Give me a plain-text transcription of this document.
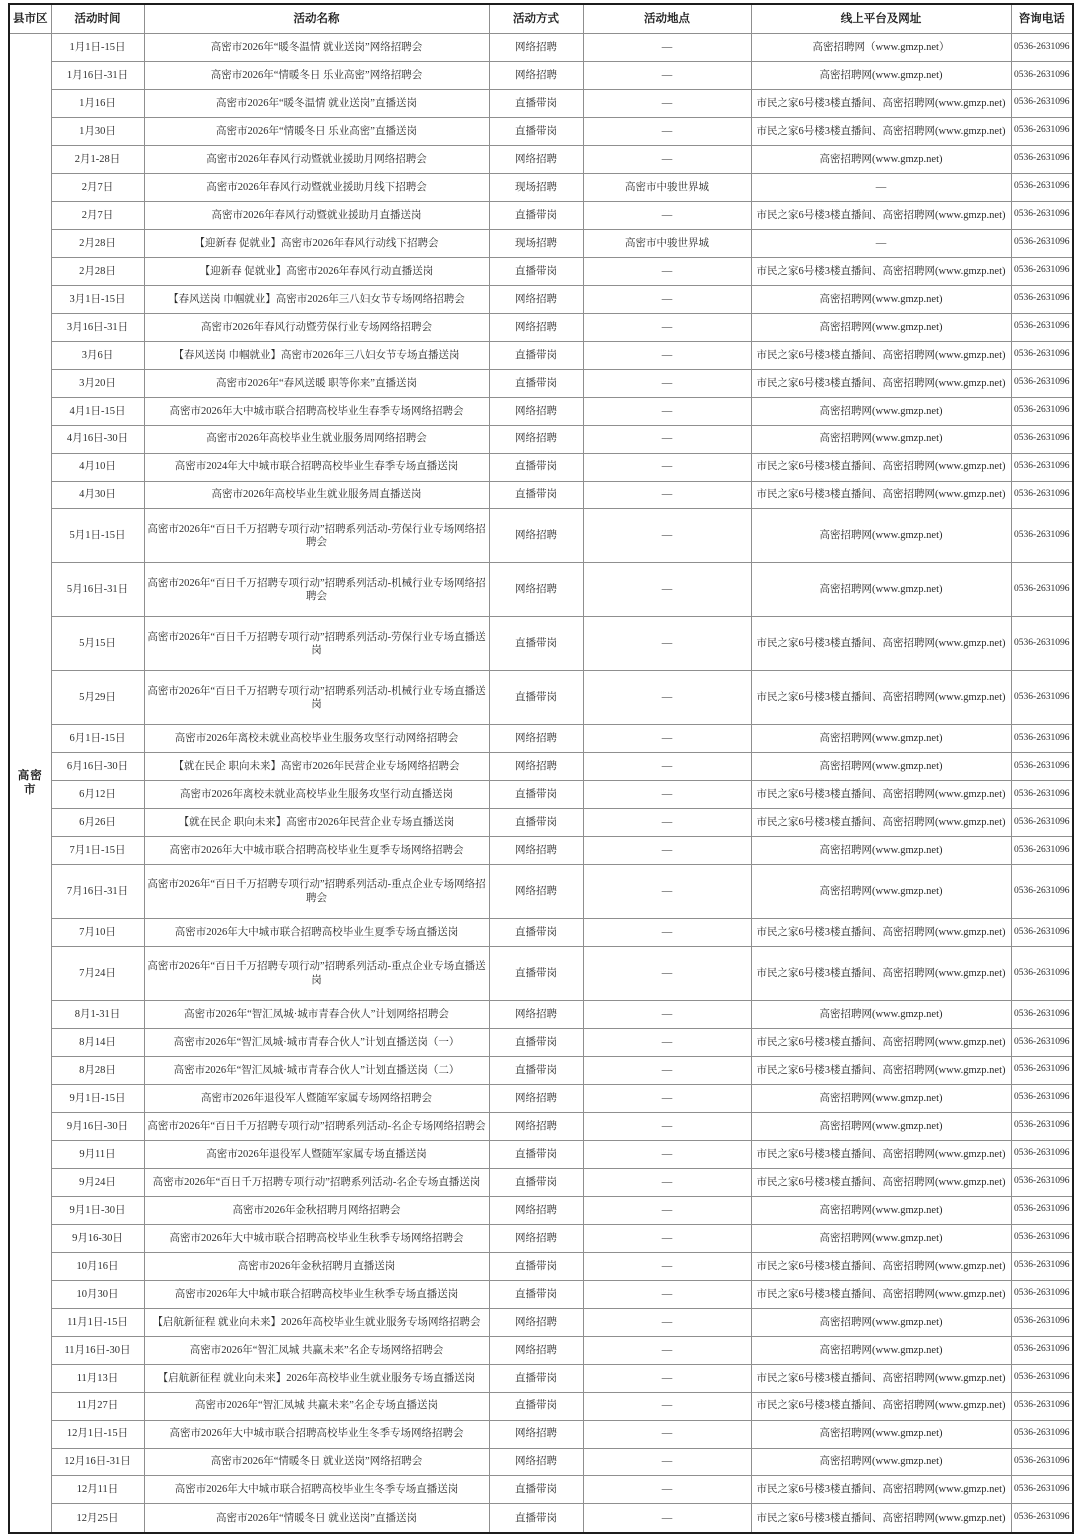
县市区	活动时间	活动名称	活动方式	活动地点	线上平台及网址	咨询电话
高密市	1月1日-15日	高密市2026年“暖冬温情 就业送岗”网络招聘会	网络招聘	—	高密招聘网（www.gmzp.net）	0536-2631096
	1月16日-31日	高密市2026年“情暖冬日 乐业高密”网络招聘会	网络招聘	—	高密招聘网(www.gmzp.net)	0536-2631096
	1月16日	高密市2026年“暖冬温情 就业送岗”直播送岗	直播带岗	—	市民之家6号楼3楼直播间、高密招聘网(www.gmzp.net)	0536-2631096
	1月30日	高密市2026年“情暖冬日 乐业高密”直播送岗	直播带岗	—	市民之家6号楼3楼直播间、高密招聘网(www.gmzp.net)	0536-2631096
	2月1-28日	高密市2026年春风行动暨就业援助月网络招聘会	网络招聘	—	高密招聘网(www.gmzp.net)	0536-2631096
	2月7日	高密市2026年春风行动暨就业援助月线下招聘会	现场招聘	高密市中骏世界城	—	0536-2631096
	2月7日	高密市2026年春风行动暨就业援助月直播送岗	直播带岗	—	市民之家6号楼3楼直播间、高密招聘网(www.gmzp.net)	0536-2631096
	2月28日	【迎新春 促就业】高密市2026年春风行动线下招聘会	现场招聘	高密市中骏世界城	—	0536-2631096
	2月28日	【迎新春 促就业】高密市2026年春风行动直播送岗	直播带岗	—	市民之家6号楼3楼直播间、高密招聘网(www.gmzp.net)	0536-2631096
	3月1日-15日	【春风送岗 巾帼就业】高密市2026年三八妇女节专场网络招聘会	网络招聘	—	高密招聘网(www.gmzp.net)	0536-2631096
	3月16日-31日	高密市2026年春风行动暨劳保行业专场网络招聘会	网络招聘	—	高密招聘网(www.gmzp.net)	0536-2631096
	3月6日	【春风送岗 巾帼就业】高密市2026年三八妇女节专场直播送岗	直播带岗	—	市民之家6号楼3楼直播间、高密招聘网(www.gmzp.net)	0536-2631096
	3月20日	高密市2026年“春风送暖 职等你来”直播送岗	直播带岗	—	市民之家6号楼3楼直播间、高密招聘网(www.gmzp.net)	0536-2631096
	4月1日-15日	高密市2026年大中城市联合招聘高校毕业生春季专场网络招聘会	网络招聘	—	高密招聘网(www.gmzp.net)	0536-2631096
	4月16日-30日	高密市2026年高校毕业生就业服务周网络招聘会	网络招聘	—	高密招聘网(www.gmzp.net)	0536-2631096
	4月10日	高密市2024年大中城市联合招聘高校毕业生春季专场直播送岗	直播带岗	—	市民之家6号楼3楼直播间、高密招聘网(www.gmzp.net)	0536-2631096
	4月30日	高密市2026年高校毕业生就业服务周直播送岗	直播带岗	—	市民之家6号楼3楼直播间、高密招聘网(www.gmzp.net)	0536-2631096
	5月1日-15日	高密市2026年“百日千万招聘专项行动”招聘系列活动-劳保行业专场网络招聘会	网络招聘	—	高密招聘网(www.gmzp.net)	0536-2631096
	5月16日-31日	高密市2026年“百日千万招聘专项行动”招聘系列活动-机械行业专场网络招聘会	网络招聘	—	高密招聘网(www.gmzp.net)	0536-2631096
	5月15日	高密市2026年“百日千万招聘专项行动”招聘系列活动-劳保行业专场直播送岗	直播带岗	—	市民之家6号楼3楼直播间、高密招聘网(www.gmzp.net)	0536-2631096
	5月29日	高密市2026年“百日千万招聘专项行动”招聘系列活动-机械行业专场直播送岗	直播带岗	—	市民之家6号楼3楼直播间、高密招聘网(www.gmzp.net)	0536-2631096
	6月1日-15日	高密市2026年离校未就业高校毕业生服务攻坚行动网络招聘会	网络招聘	—	高密招聘网(www.gmzp.net)	0536-2631096
	6月16日-30日	【就在民企 职向未来】高密市2026年民营企业专场网络招聘会	网络招聘	—	高密招聘网(www.gmzp.net)	0536-2631096
	6月12日	高密市2026年离校未就业高校毕业生服务攻坚行动直播送岗	直播带岗	—	市民之家6号楼3楼直播间、高密招聘网(www.gmzp.net)	0536-2631096
	6月26日	【就在民企 职向未来】高密市2026年民营企业专场直播送岗	直播带岗	—	市民之家6号楼3楼直播间、高密招聘网(www.gmzp.net)	0536-2631096
	7月1日-15日	高密市2026年大中城市联合招聘高校毕业生夏季专场网络招聘会	网络招聘	—	高密招聘网(www.gmzp.net)	0536-2631096
	7月16日-31日	高密市2026年“百日千万招聘专项行动”招聘系列活动-重点企业专场网络招聘会	网络招聘	—	高密招聘网(www.gmzp.net)	0536-2631096
	7月10日	高密市2026年大中城市联合招聘高校毕业生夏季专场直播送岗	直播带岗	—	市民之家6号楼3楼直播间、高密招聘网(www.gmzp.net)	0536-2631096
	7月24日	高密市2026年“百日千万招聘专项行动”招聘系列活动-重点企业专场直播送岗	直播带岗	—	市民之家6号楼3楼直播间、高密招聘网(www.gmzp.net)	0536-2631096
	8月1-31日	高密市2026年“智汇凤城·城市青春合伙人”计划网络招聘会	网络招聘	—	高密招聘网(www.gmzp.net)	0536-2631096
	8月14日	高密市2026年“智汇凤城·城市青春合伙人”计划直播送岗（一）	直播带岗	—	市民之家6号楼3楼直播间、高密招聘网(www.gmzp.net)	0536-2631096
	8月28日	高密市2026年“智汇凤城·城市青春合伙人”计划直播送岗（二）	直播带岗	—	市民之家6号楼3楼直播间、高密招聘网(www.gmzp.net)	0536-2631096
	9月1日-15日	高密市2026年退役军人暨随军家属专场网络招聘会	网络招聘	—	高密招聘网(www.gmzp.net)	0536-2631096
	9月16日-30日	高密市2026年“百日千万招聘专项行动”招聘系列活动-名企专场网络招聘会	网络招聘	—	高密招聘网(www.gmzp.net)	0536-2631096
	9月11日	高密市2026年退役军人暨随军家属专场直播送岗	直播带岗	—	市民之家6号楼3楼直播间、高密招聘网(www.gmzp.net)	0536-2631096
	9月24日	高密市2026年“百日千万招聘专项行动”招聘系列活动-名企专场直播送岗	直播带岗	—	市民之家6号楼3楼直播间、高密招聘网(www.gmzp.net)	0536-2631096
	9月1日-30日	高密市2026年金秋招聘月网络招聘会	网络招聘	—	高密招聘网(www.gmzp.net)	0536-2631096
	9月16-30日	高密市2026年大中城市联合招聘高校毕业生秋季专场网络招聘会	网络招聘	—	高密招聘网(www.gmzp.net)	0536-2631096
	10月16日	高密市2026年金秋招聘月直播送岗	直播带岗	—	市民之家6号楼3楼直播间、高密招聘网(www.gmzp.net)	0536-2631096
	10月30日	高密市2026年大中城市联合招聘高校毕业生秋季专场直播送岗	直播带岗	—	市民之家6号楼3楼直播间、高密招聘网(www.gmzp.net)	0536-2631096
	11月1日-15日	【启航新征程 就业向未来】2026年高校毕业生就业服务专场网络招聘会	网络招聘	—	高密招聘网(www.gmzp.net)	0536-2631096
	11月16日-30日	高密市2026年“智汇凤城 共赢未来”名企专场网络招聘会	网络招聘	—	高密招聘网(www.gmzp.net)	0536-2631096
	11月13日	【启航新征程 就业向未来】2026年高校毕业生就业服务专场直播送岗	直播带岗	—	市民之家6号楼3楼直播间、高密招聘网(www.gmzp.net)	0536-2631096
	11月27日	高密市2026年“智汇凤城 共赢未来”名企专场直播送岗	直播带岗	—	市民之家6号楼3楼直播间、高密招聘网(www.gmzp.net)	0536-2631096
	12月1日-15日	高密市2026年大中城市联合招聘高校毕业生冬季专场网络招聘会	网络招聘	—	高密招聘网(www.gmzp.net)	0536-2631096
	12月16日-31日	高密市2026年“情暖冬日 就业送岗”网络招聘会	网络招聘	—	高密招聘网(www.gmzp.net)	0536-2631096
	12月11日	高密市2026年大中城市联合招聘高校毕业生冬季专场直播送岗	直播带岗	—	市民之家6号楼3楼直播间、高密招聘网(www.gmzp.net)	0536-2631096
	12月25日	高密市2026年“情暖冬日 就业送岗”直播送岗	直播带岗	—	市民之家6号楼3楼直播间、高密招聘网(www.gmzp.net)	0536-2631096
